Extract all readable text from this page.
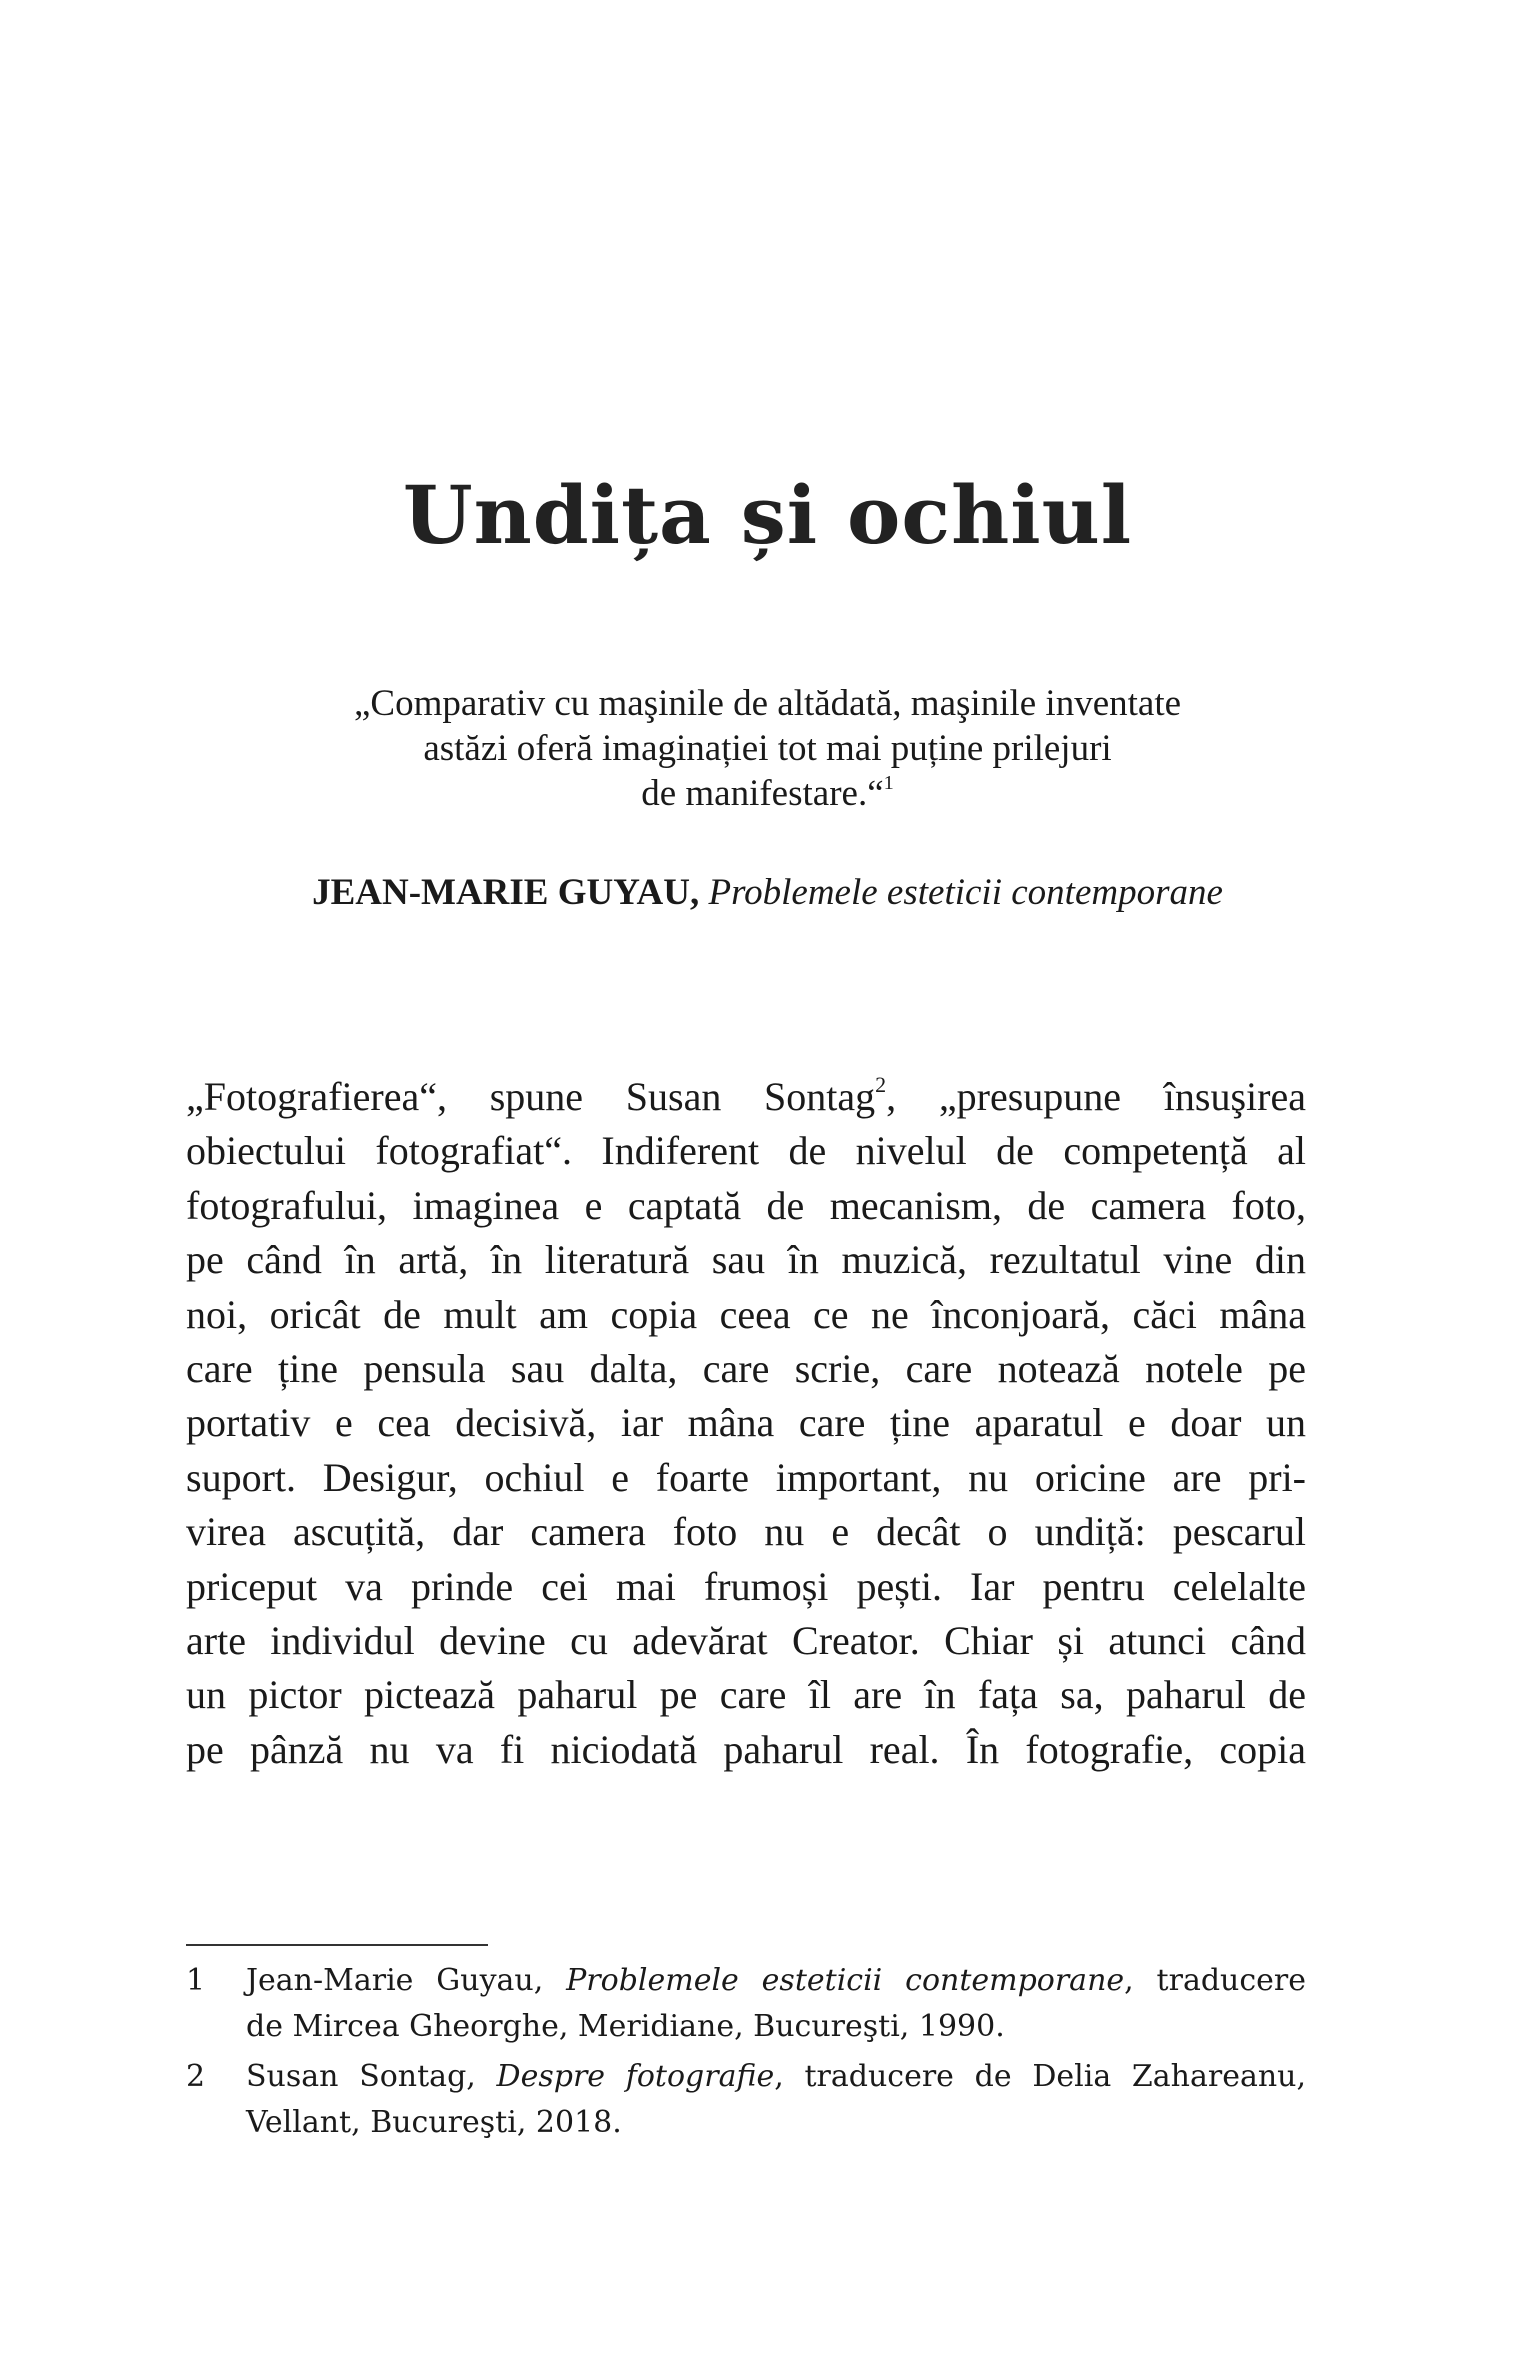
Undița și ochiul
„Comparativ cu maşinile de altădată, maşinile inventate
astăzi oferă imaginației tot mai puține prilejuri
de manifestare.“$^1$
JEAN-MARIE GUYAU, Problemele esteticii contemporane
„Fotografierea“, spune Susan Sontag$^2$, „presupune însuşirea
obiectului fotografiat“. Indiferent de nivelul de competență al
fotografului, imaginea e captată de mecanism, de camera foto,
pe când în artă, în literatură sau în muzică, rezultatul vine din
noi, oricât de mult am copia ceea ce ne înconjoară, căci mâna
care ține pensula sau dalta, care scrie, care notează notele pe
portativ e cea decisivă, iar mâna care ține aparatul e doar un
suport. Desigur, ochiul e foarte important, nu oricine are pri-
virea ascuțită, dar camera foto nu e decât o undiță: pescarul
priceput va prinde cei mai frumoși pești. Iar pentru celelalte
arte individul devine cu adevărat Creator. Chiar și atunci când
un pictor pictează paharul pe care îl are în fața sa, paharul de
pe pânză nu va fi niciodată paharul real. În fotografie, copia
1 Jean-Marie Guyau, Problemele esteticii contemporane, traducere
de Mircea Gheorghe, Meridiane, Bucureşti, 1990.
2 Susan Sontag, Despre fotografie, traducere de Delia Zahareanu,
Vellant, Bucureşti, 2018.
